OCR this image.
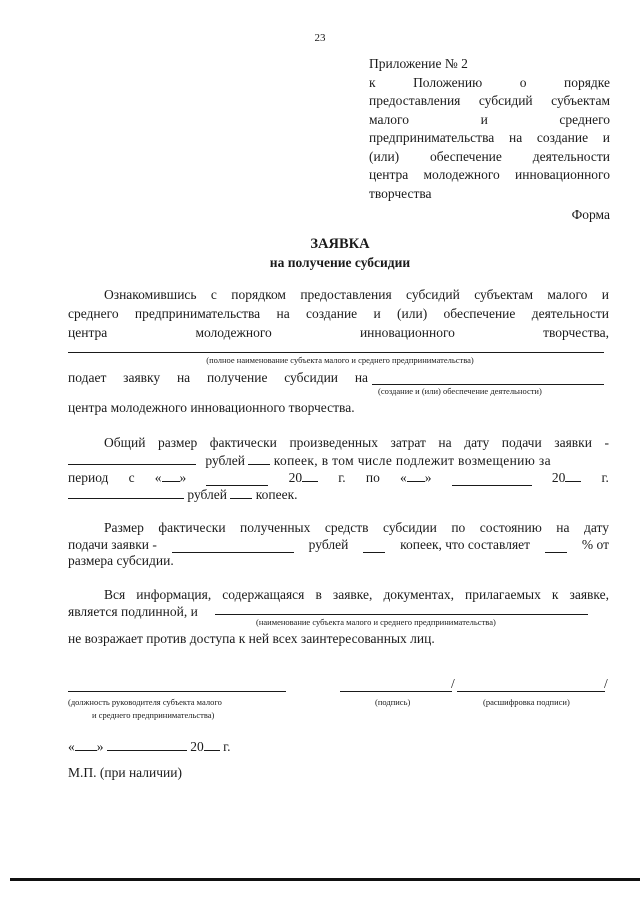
23
Приложение № 2
к	Положению	о	порядке
предоставления субсидий субъектам
малого	и	среднего
предпринимательства на создание и
(или) обеспечение деятельности
центра молодежного инновационного
творчества
Форма
ЗАЯВКА
на получение субсидии
Ознакомившись с порядком предоставления субсидий субъектам малого и
среднего предпринимательства на создание и (или) обеспечение деятельности
центра	молодежного	инновационного	творчества,
(полное наименование субъекта малого и среднего предпринимательства)
подает заявку на получение субсидии на
(создание и (или) обеспечение деятельности)
центра молодежного инновационного творчества.
Общий размер фактически произведенных затрат на дату подачи заявки -
рублей копеек, в том числе подлежит возмещению за
период с « »	20	г. по « »	20	г.
рублей копеек.
Размер фактически полученных средств субсидии по состоянию на дату
подачи заявки -	рублей	копеек, что составляет	% от
размера субсидии.
Вся информация, содержащаяся в заявке, документах, прилагаемых к заявке,
является подлинной, и
(наименование субъекта малого и среднего предпринимательства)
не возражает против доступа к ней всех заинтересованных лиц.
(должность руководителя субъекта малого
и среднего предпринимательства)
/	/
(подпись)	(расшифровка подписи)
« »	20 г.
М.П. (при наличии)
